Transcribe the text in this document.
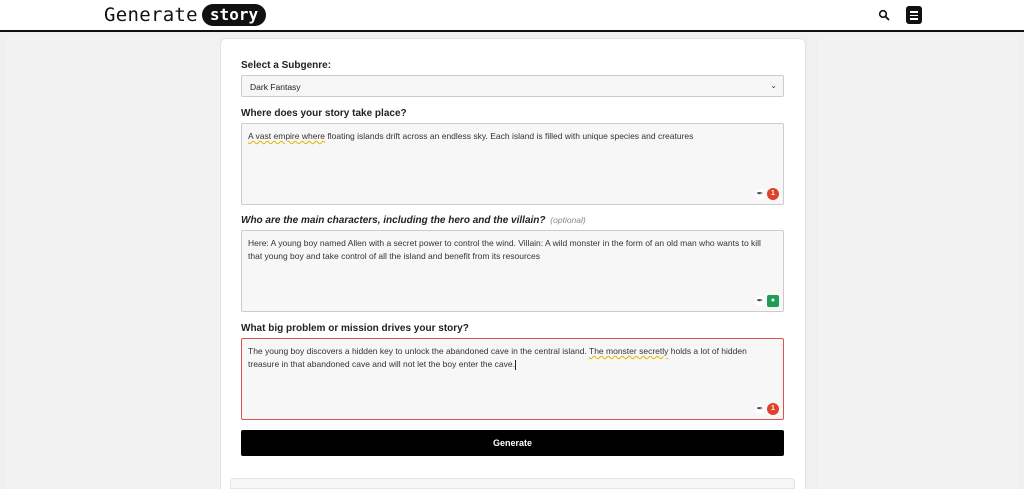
Generate story
Select a Subgenre:
Dark Fantasy	⌄
Where does your story take place?
A vast empire where floating islands drift across an endless sky. Each island is filled with unique species and creatures
✒	1
Who are the main characters, including the hero and the villain? (optional)
Here: A young boy named Allen with a secret power to control the wind. Villain: A wild monster in the form of an old man who wants to kill that young boy and take control of all the island and benefit from its resources
✒	●
What big problem or mission drives your story?
The young boy discovers a hidden key to unlock the abandoned cave in the central island. The monster secretly holds a lot of hidden treasure in that abandoned cave and will not let the boy enter the cave.
✒	1
Generate
